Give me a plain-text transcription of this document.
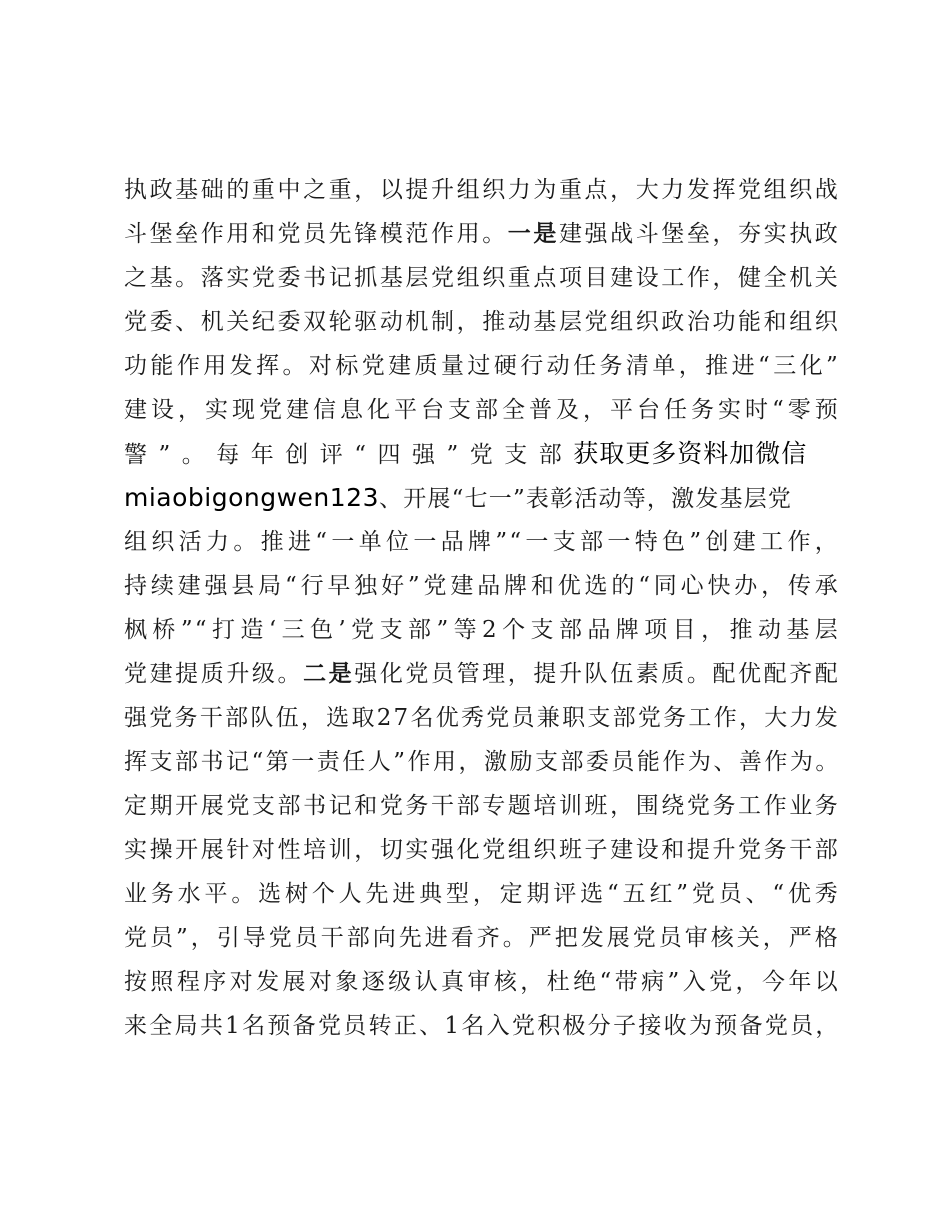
执政基础的重中之重，以提升组织力为重点，大力发挥党组织战
斗堡垒作用和党员先锋模范作用。一是建强战斗堡垒，夯实执政
之基。落实党委书记抓基层党组织重点项目建设工作，健全机关
党委、机关纪委双轮驱动机制，推动基层党组织政治功能和组织
功能作用发挥。对标党建质量过硬行动任务清单，推进“三化”
建设，实现党建信息化平台支部全普及，平台任务实时“零预
警”。每年创评“四强”党支部获取更多资料加微信
miaobigongwen123、开展“七一”表彰活动等，激发基层党
组织活力。推进“一单位一品牌”“一支部一特色”创建工作，
持续建强县局“行早独好”党建品牌和优选的“同心快办，传承
枫桥”“打造‘三色’党支部”等2个支部品牌项目，推动基层
党建提质升级。二是强化党员管理，提升队伍素质。配优配齐配
强党务干部队伍，选取27名优秀党员兼职支部党务工作，大力发
挥支部书记“第一责任人”作用，激励支部委员能作为、善作为。
定期开展党支部书记和党务干部专题培训班，围绕党务工作业务
实操开展针对性培训，切实强化党组织班子建设和提升党务干部
业务水平。选树个人先进典型，定期评选“五红”党员、“优秀
党员”，引导党员干部向先进看齐。严把发展党员审核关，严格
按照程序对发展对象逐级认真审核，杜绝“带病”入党，今年以
来全局共1名预备党员转正、1名入党积极分子接收为预备党员，
